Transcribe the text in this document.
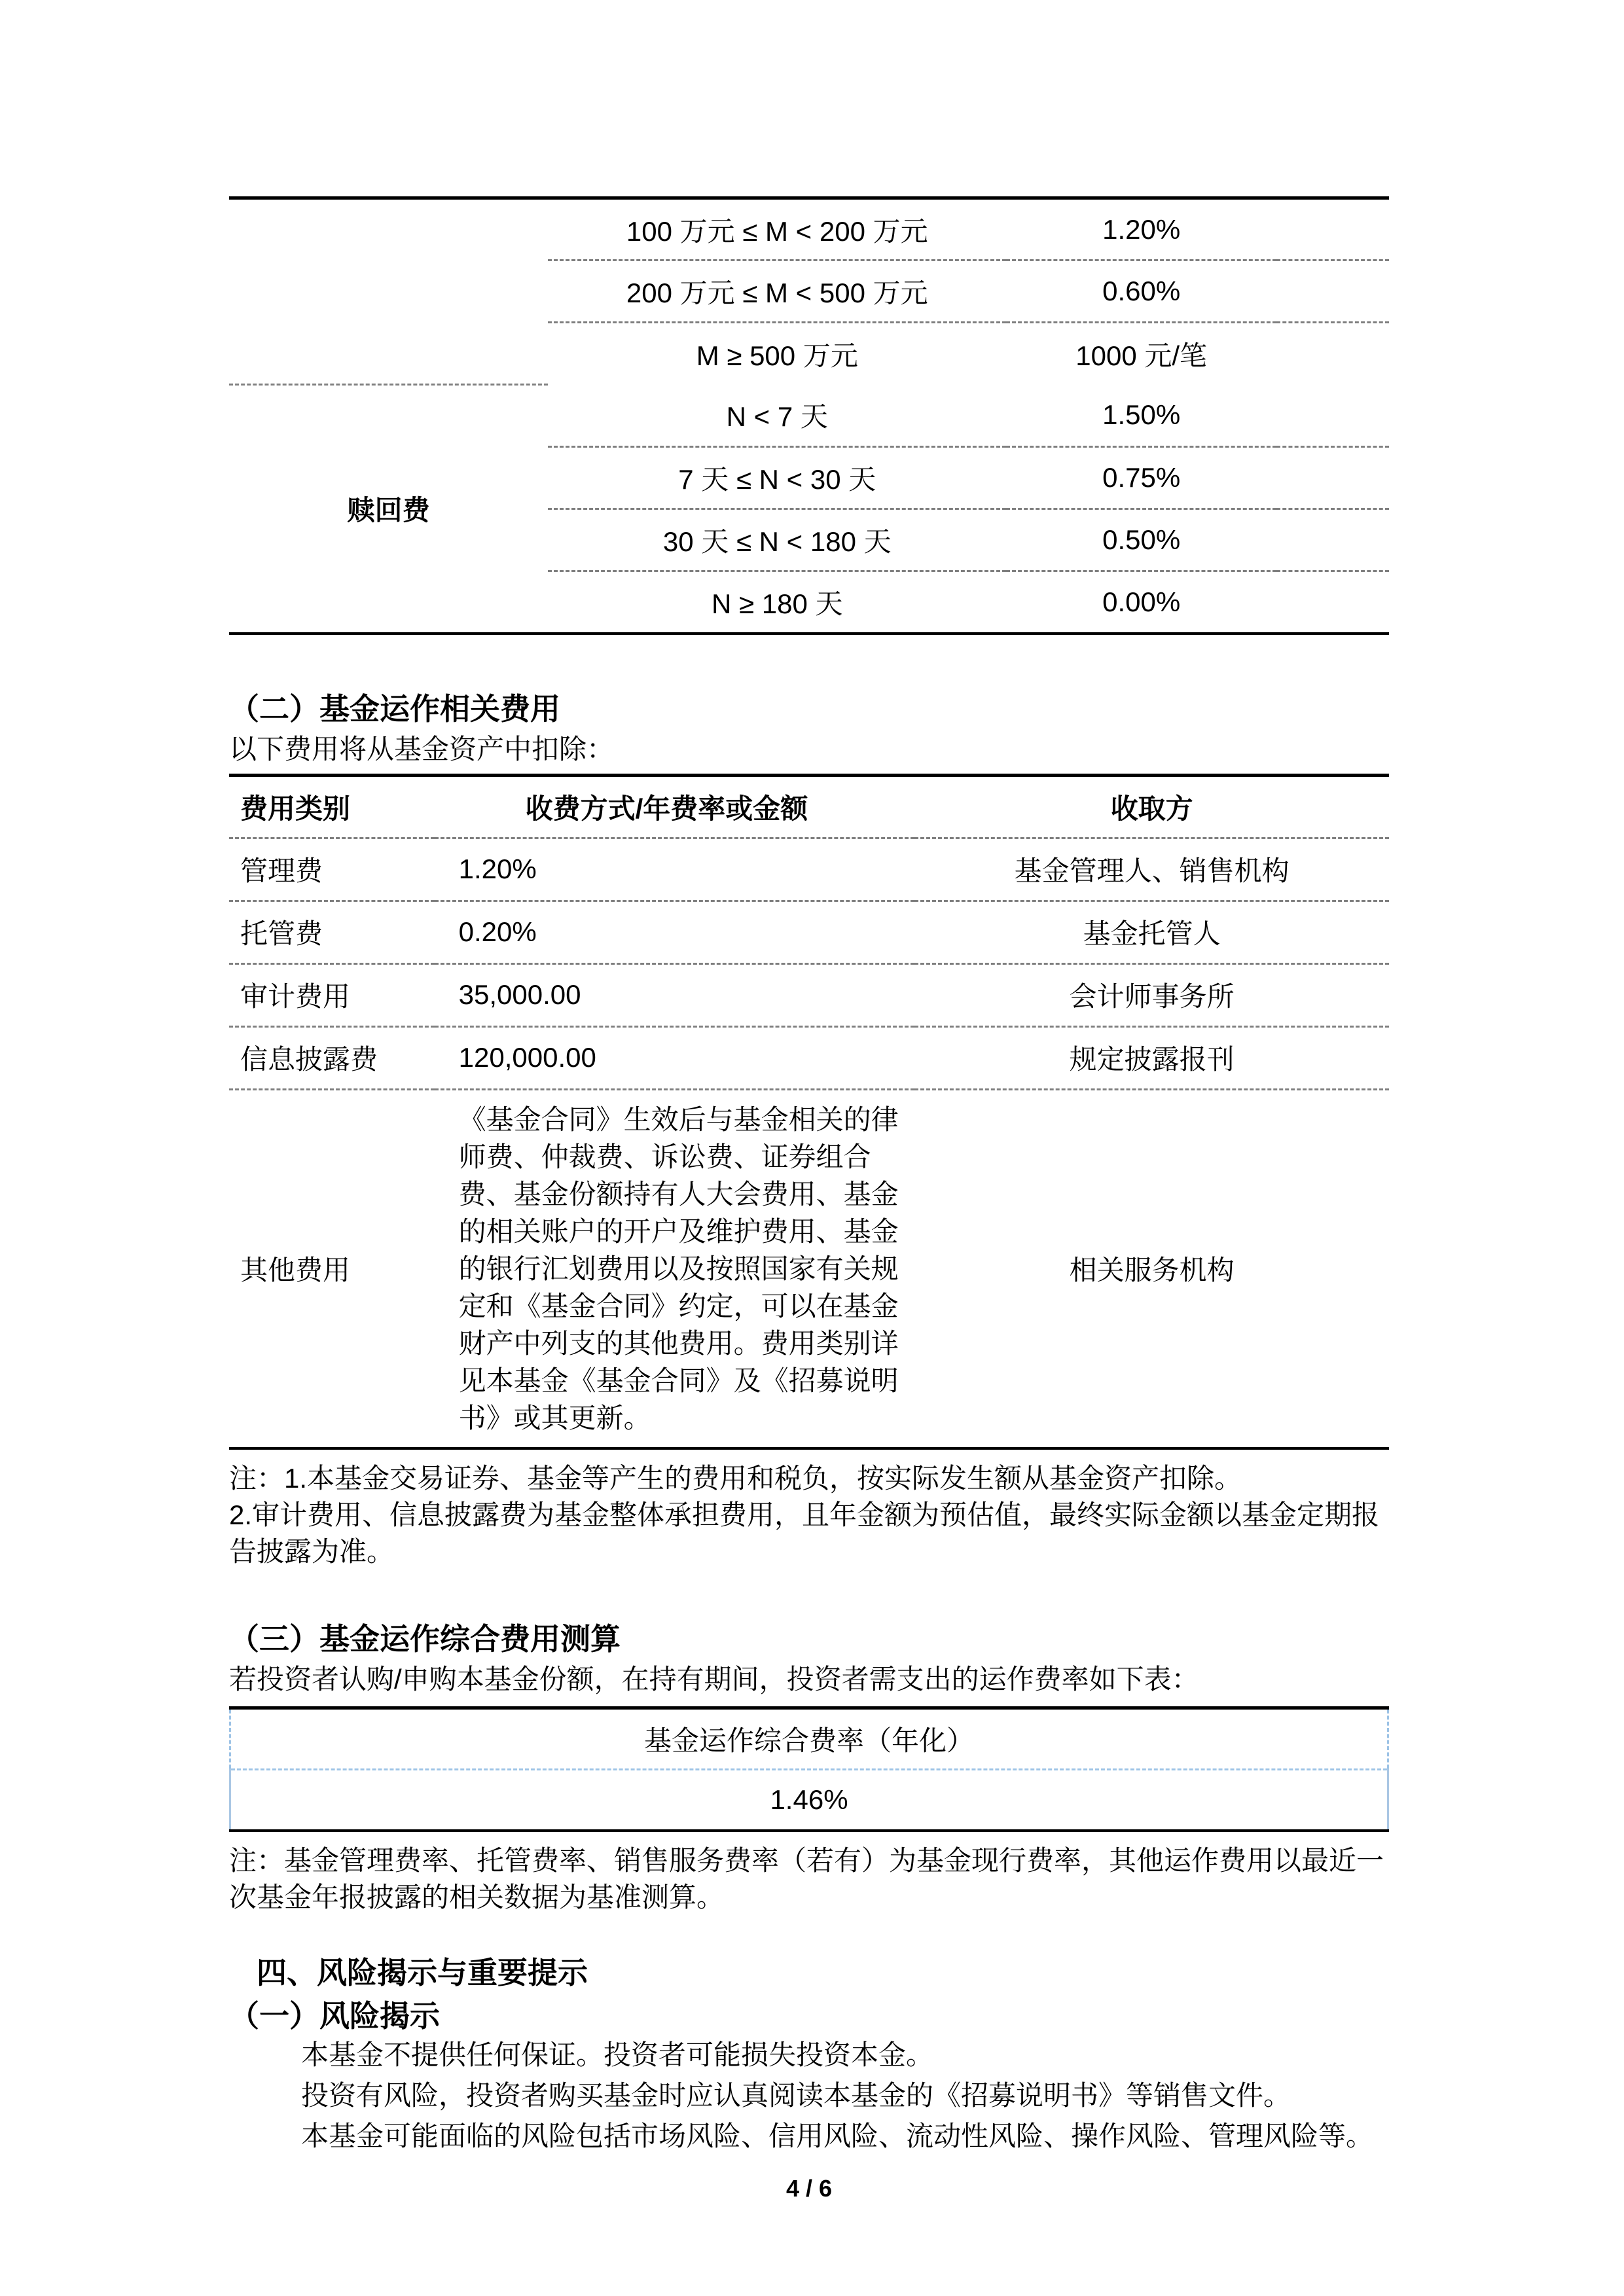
	100 万元 ≤ M < 200 万元	1.20%	
	200 万元 ≤ M < 500 万元	0.60%	
	M ≥ 500 万元	1000 元/笔	
赎回费	N < 7 天	1.50%	
	7 天 ≤ N < 30 天	0.75%	
	30 天 ≤ N < 180 天	0.50%	
	N ≥ 180 天	0.00%	
（二）基金运作相关费用
以下费用将从基金资产中扣除：
费用类别	收费方式/年费率或金额	收取方
管理费	1.20%	基金管理人、销售机构
托管费	0.20%	基金托管人
审计费用	35,000.00	会计师事务所
信息披露费	120,000.00	规定披露报刊
其他费用	《基金合同》生效后与基金相关的律师费、仲裁费、诉讼费、证券组合费、基金份额持有人大会费用、基金的相关账户的开户及维护费用、基金的银行汇划费用以及按照国家有关规定和《基金合同》约定，可以在基金财产中列支的其他费用。费用类别详见本基金《基金合同》及《招募说明书》或其更新。	相关服务机构
注：1.本基金交易证券、基金等产生的费用和税负，按实际发生额从基金资产扣除。
2.审计费用、信息披露费为基金整体承担费用，且年金额为预估值，最终实际金额以基金定期报告披露为准。
（三）基金运作综合费用测算
若投资者认购/申购本基金份额，在持有期间，投资者需支出的运作费率如下表：
基金运作综合费率（年化）
1.46%
注：基金管理费率、托管费率、销售服务费率（若有）为基金现行费率，其他运作费用以最近一次基金年报披露的相关数据为基准测算。
四、风险揭示与重要提示
（一）风险揭示
本基金不提供任何保证。投资者可能损失投资本金。
投资有风险，投资者购买基金时应认真阅读本基金的《招募说明书》等销售文件。
本基金可能面临的风险包括市场风险、信用风险、流动性风险、操作风险、管理风险等。
4 / 6
